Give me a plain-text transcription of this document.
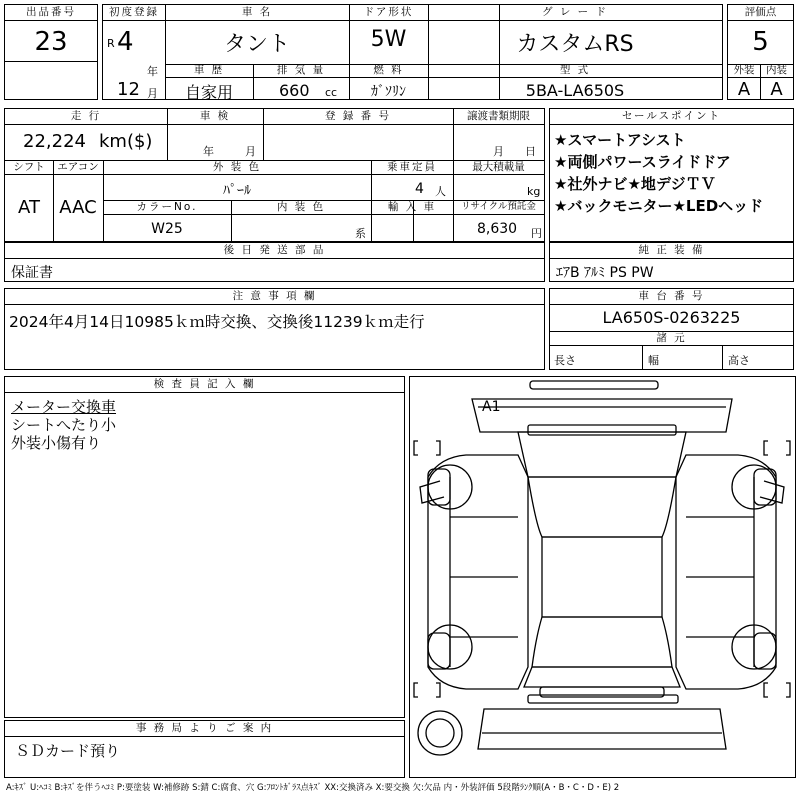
出品番号
23
初度登録
R 4
年
12 月
車 名
タント
ドア形状
5W
グ レ ー ド
カスタムRS
車 歴
自家用
排 気 量
660 cc
燃 料
ｶﾞｿﾘﾝ
型 式
5BA-LA650S
評価点
5
外装	内装
A	A
走 行
22,224 km($)
車 検
年	月
登 録 番 号	譲渡書類期限
月 日
シフト
AT
エアコン
AAC
外 装 色
ﾊﾟｰﾙ
乗車定員
4 人
最大積載量
kg
カラーNo.
W25
内 装 色
系
輸 入 車	リサイクル預託金
8,630 円
後 日 発 送 部 品
保証書
セールスポイント
★スマートアシスト
★両側パワースライドドア
★社外ナビ★地デジＴＶ
★バックモニター★LEDヘッド
純 正 装 備
ｴｱB ｱﾙﾐ PS PW
注 意 事 項 欄
2024年4月14日10985ｋｍ時交換、交換後11239ｋｍ走行
車 台 番 号
LA650S-0263225
諸 元
長さ	幅	高さ
検 査 員 記 入 欄
メーター交換車
シートへたり小
外装小傷有り
事 務 局 よ り ご 案 内
ＳＤカード預り
A1
A:ｷｽﾞ U:ﾍｺﾐ B:ｷｽﾞを伴うﾍｺﾐ P:要塗装 W:補修跡 S:錆 C:腐食、穴 G:ﾌﾛﾝﾄｶﾞﾗｽ点ｷｽﾞ XX:交換済み X:要交換 欠:欠品 内・外装評価 5段階ﾗﾝｸ順(A・B・C・D・E) 2
